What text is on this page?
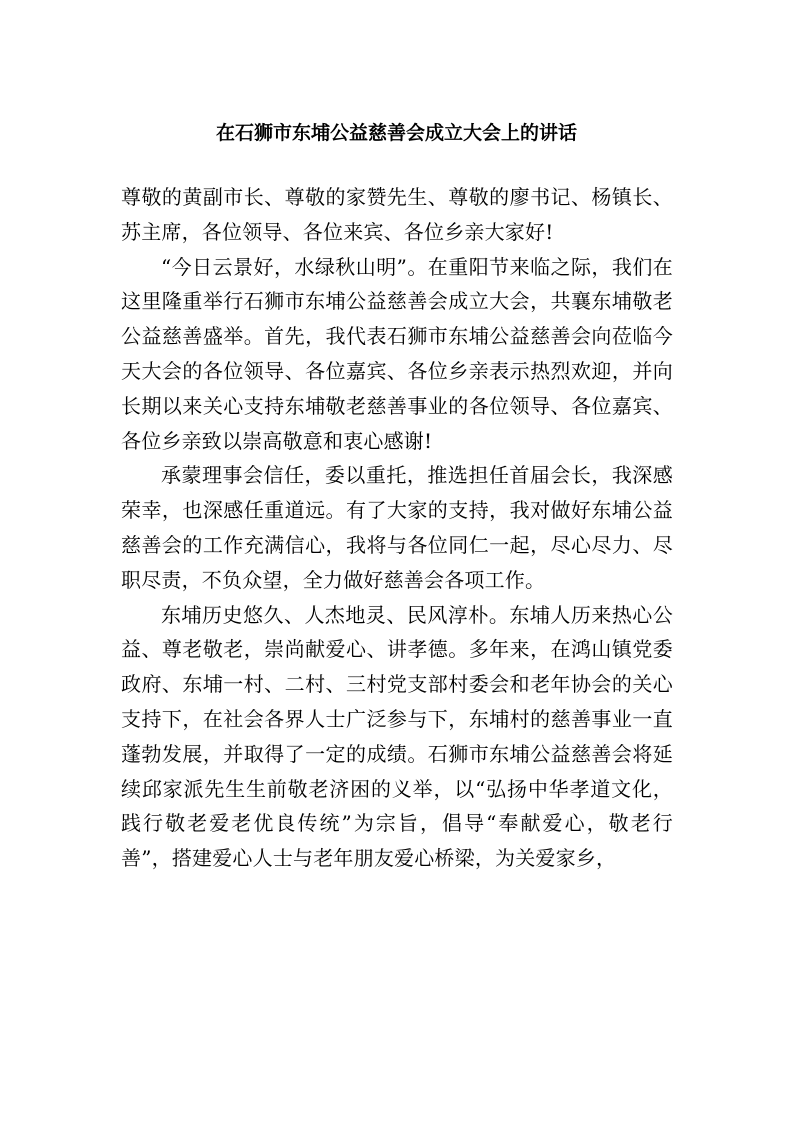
在石狮市东埔公益慈善会成立大会上的讲话

尊敬的黄副市长、尊敬的家赞先生、尊敬的廖书记、杨镇长、苏主席，各位领导、各位来宾、各位乡亲大家好!

“今日云景好，水绿秋山明”。在重阳节来临之际，我们在这里隆重举行石狮市东埔公益慈善会成立大会，共襄东埔敬老公益慈善盛举。首先，我代表石狮市东埔公益慈善会向莅临今天大会的各位领导、各位嘉宾、各位乡亲表示热烈欢迎，并向长期以来关心支持东埔敬老慈善事业的各位领导、各位嘉宾、各位乡亲致以崇高敬意和衷心感谢!

承蒙理事会信任，委以重托，推选担任首届会长，我深感荣幸，也深感任重道远。有了大家的支持，我对做好东埔公益慈善会的工作充满信心，我将与各位同仁一起，尽心尽力、尽职尽责，不负众望，全力做好慈善会各项工作。

东埔历史悠久、人杰地灵、民风淳朴。东埔人历来热心公益、尊老敬老，崇尚献爱心、讲孝德。多年来，在鸿山镇党委政府、东埔一村、二村、三村党支部村委会和老年协会的关心支持下，在社会各界人士广泛参与下，东埔村的慈善事业一直蓬勃发展，并取得了一定的成绩。石狮市东埔公益慈善会将延续邱家派先生生前敬老济困的义举，以“弘扬中华孝道文化，践行敬老爱老优良传统”为宗旨，倡导“奉献爱心，敬老行善”，搭建爱心人士与老年朋友爱心桥梁，为关爱家乡，
